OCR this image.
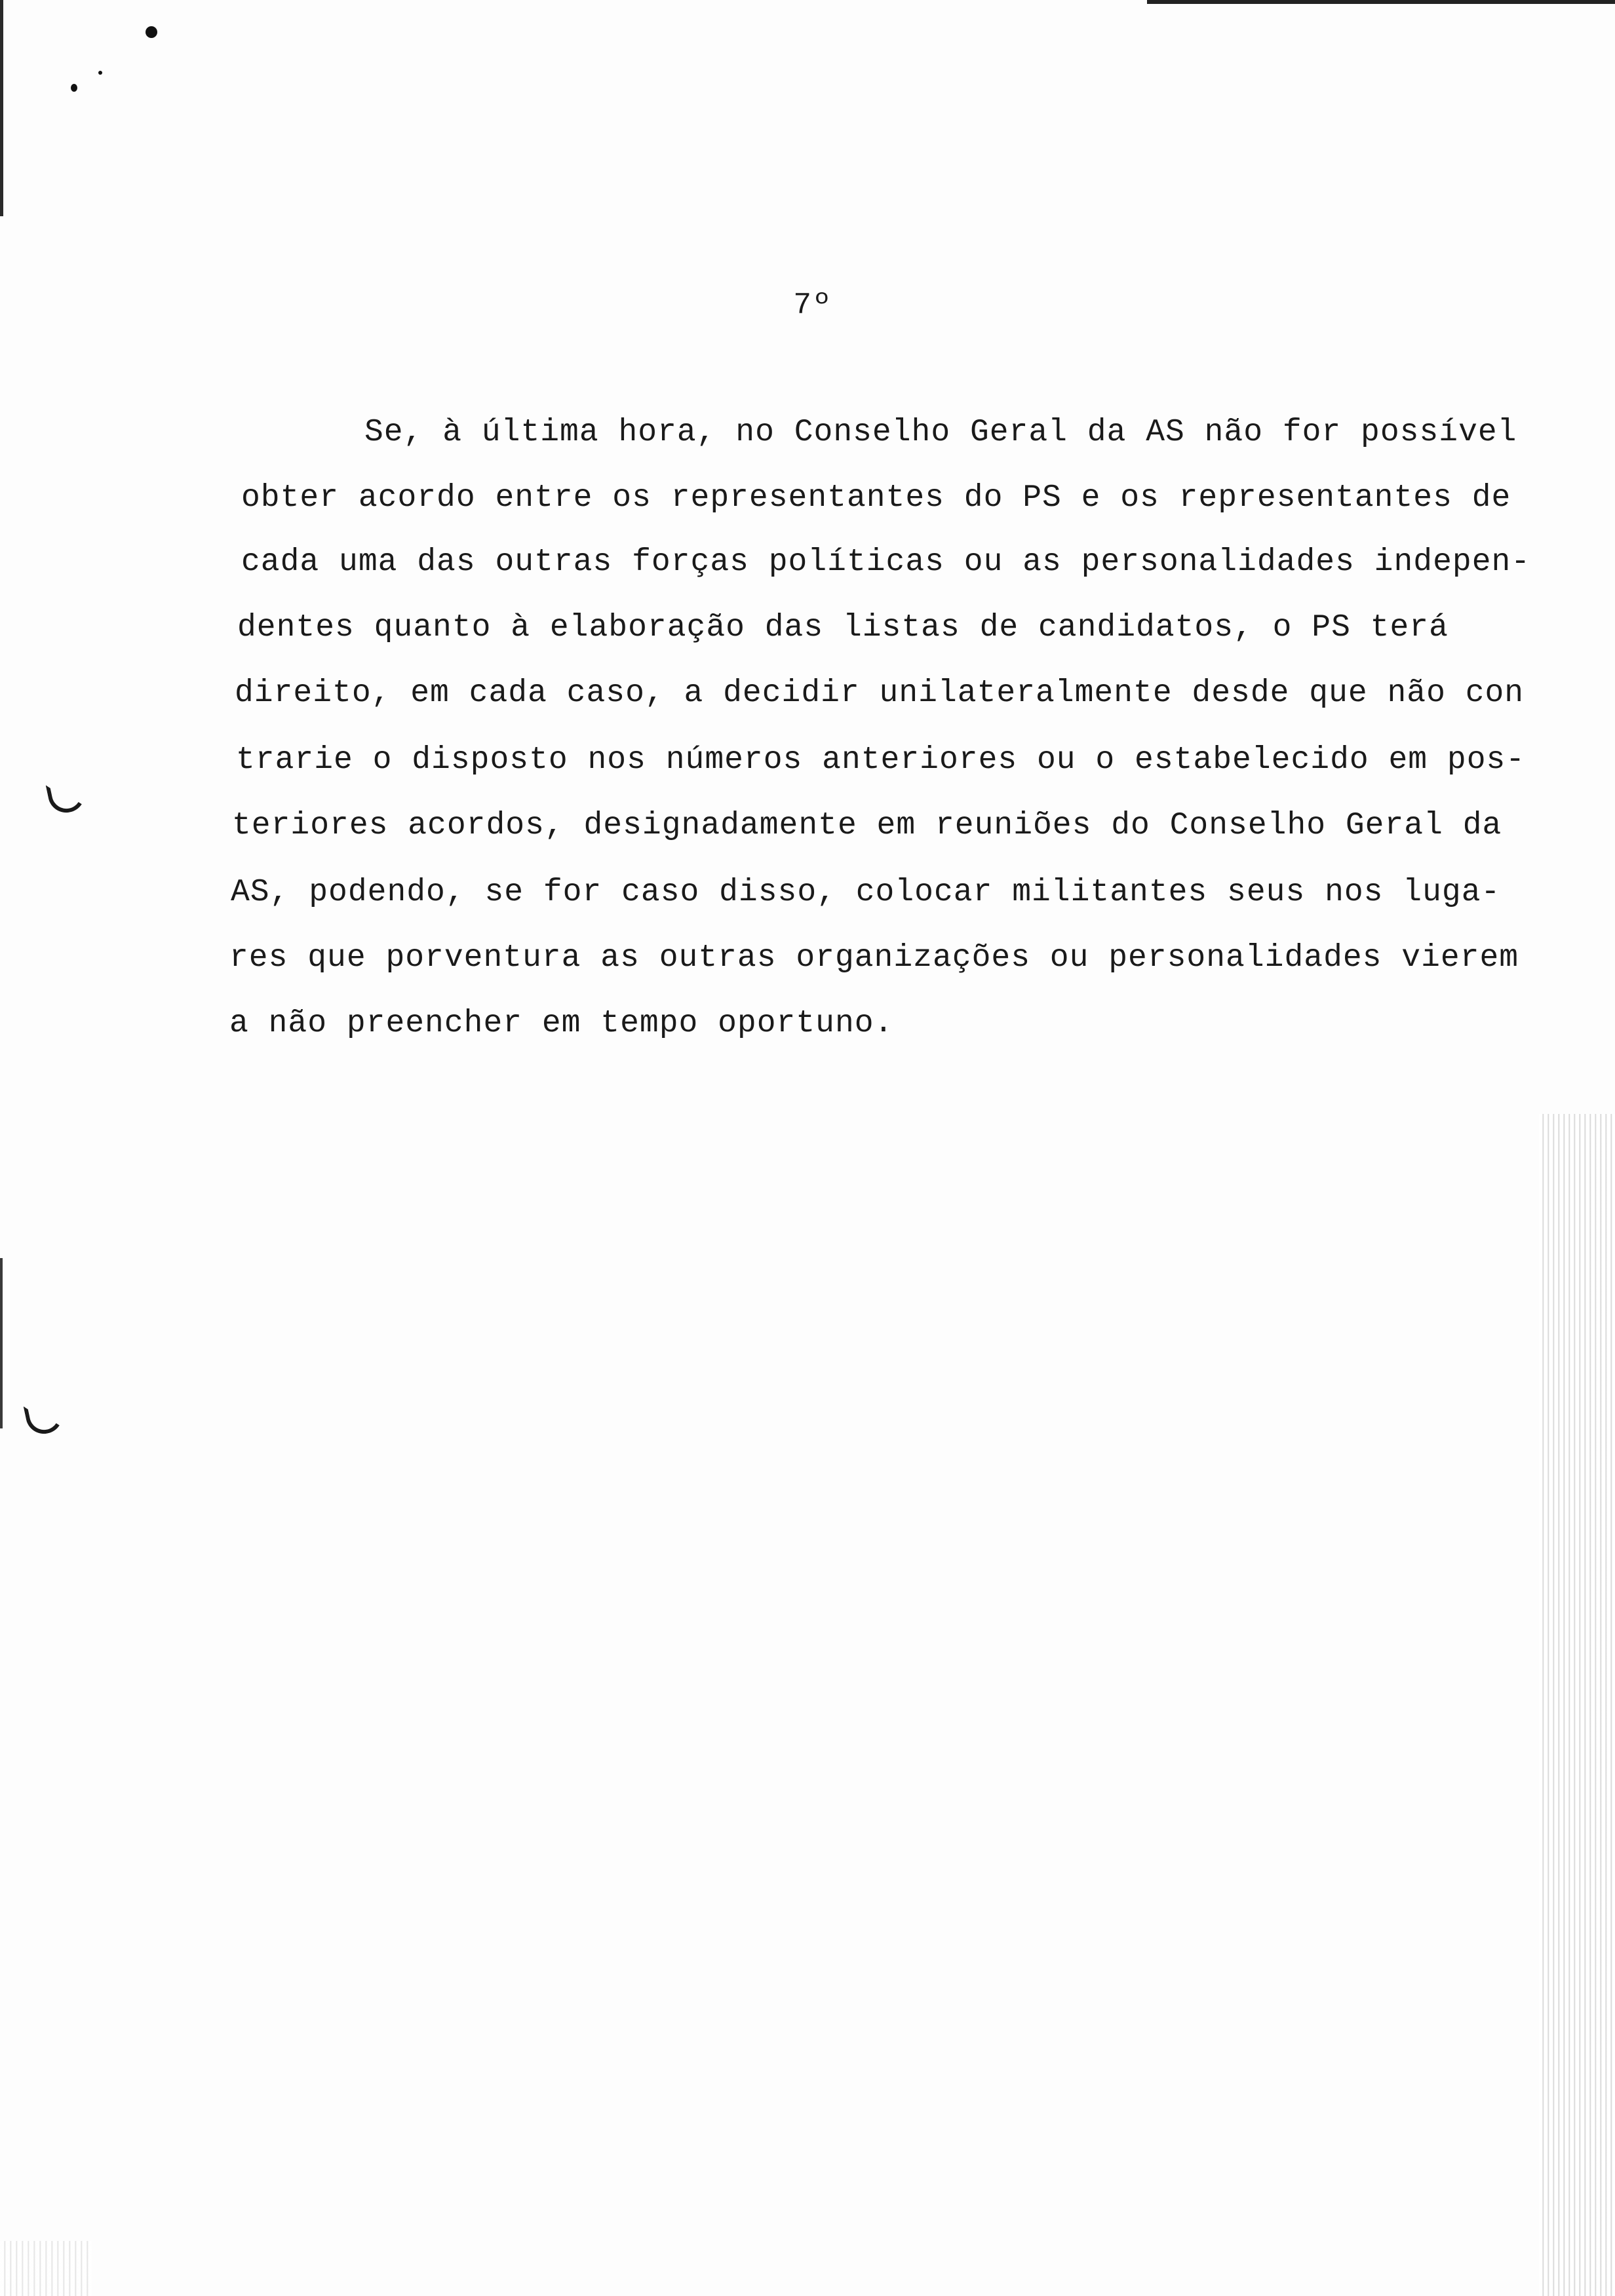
7º
Se, à última hora, no Conselho Geral da AS não for possível
obter acordo entre os representantes do PS e os representantes de
cada uma das outras forças políticas ou as personalidades indepen-
dentes quanto à elaboração das listas de candidatos, o PS terá
direito, em cada caso, a decidir unilateralmente desde que não con
trarie o disposto nos números anteriores ou o estabelecido em pos-
teriores acordos, designadamente em reuniões do Conselho Geral da
AS, podendo, se for caso disso, colocar militantes seus nos luga-
res que porventura as outras organizações ou personalidades vierem
a não preencher em tempo oportuno.
